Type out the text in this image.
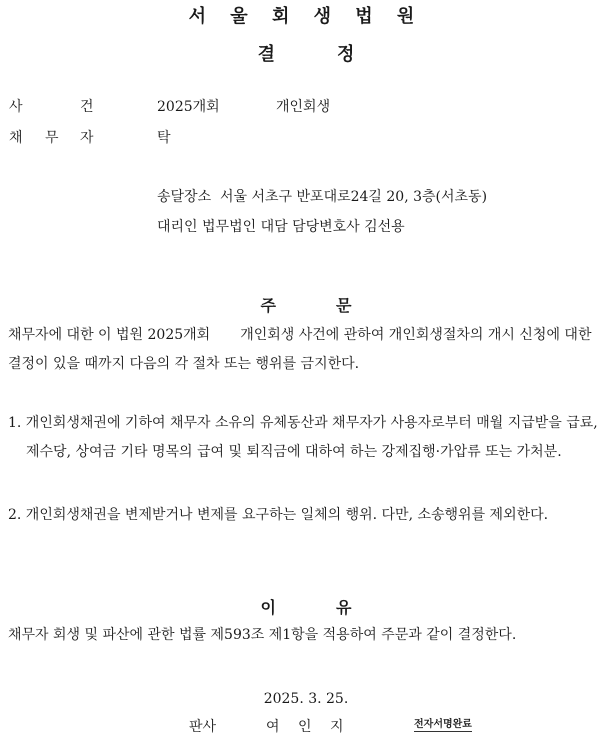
서 울 회 생 법 원
결	정
사	건	2025개회	개인회생
채 무 자	탁
송달장소  서울 서초구 반포대로24길 20, 3층(서초동)
대리인 법무법인 대담 담당변호사 김선용
주	문
채무자에 대한 이 법원 2025개회 개인회생 사건에 관하여 개인회생절차의 개시 신청에 대한 결정이 있을 때까지 다음의 각 절차 또는 행위를 금지한다.
1. 개인회생채권에 기하여 채무자 소유의 유체동산과 채무자가 사용자로부터 매월 지급받을 급료, 제수당, 상여금 기타 명목의 급여 및 퇴직금에 대하여 하는 강제집행·가압류 또는 가처분.
2. 개인회생채권을 변제받거나 변제를 요구하는 일체의 행위. 다만, 소송행위를 제외한다.
이	유
채무자 회생 및 파산에 관한 법률 제593조 제1항을 적용하여 주문과 같이 결정한다.
2025. 3. 25.
판사	여 인 지	전자서명완료
